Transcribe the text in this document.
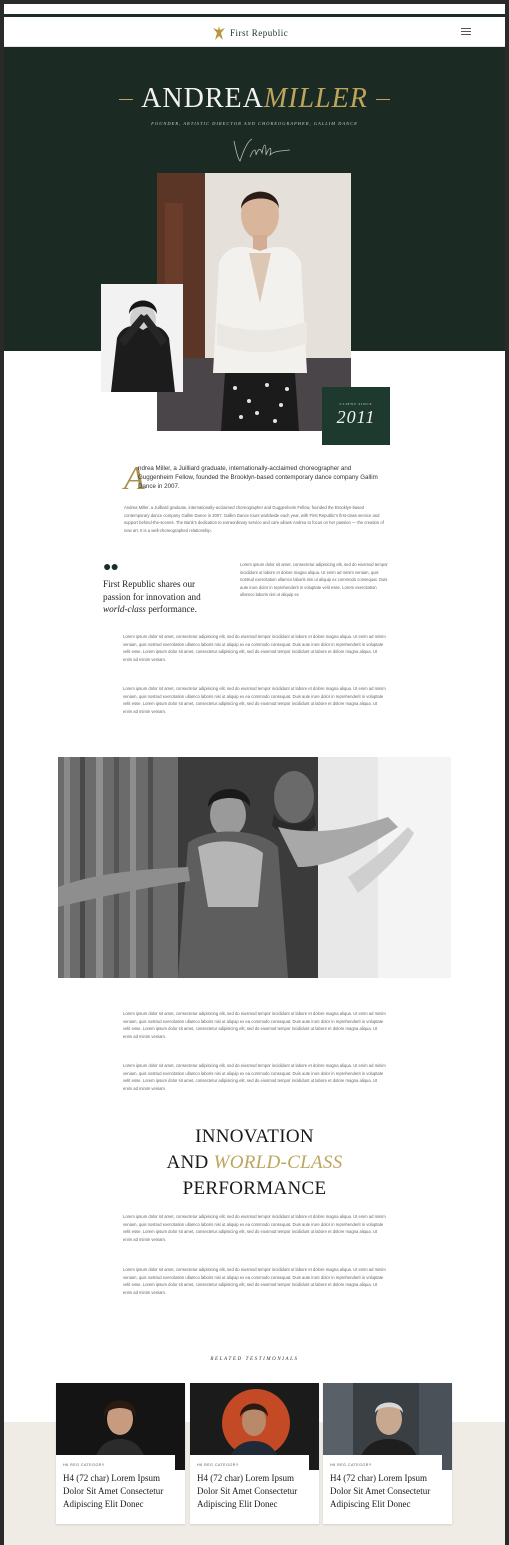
First Republic
ANDREA MILLER
FOUNDER, ARTISTIC DIRECTOR AND CHOREOGRAPHER, GALLIM DANCE
CLIENT SINCE
2011
A
ndrea Miller, a Juilliard graduate, internationally-acclaimed choreographer and Guggenheim Fellow, founded the Brooklyn-based contemporary dance company Gallim Dance in 2007.
Andrea Miller, a Juilliard graduate, internationally-acclaimed choreographer and Guggenheim Fellow, founded the Brooklyn-based contemporary dance company Gallim Dance in 2007. Gallim Dance tours worldwide each year, with First Republic’s first-class service and support behind-the-scenes. The Bank’s dedication to extraordinary service and care allows Andrea to focus on her passion — the creation of new art. It is a well-choreographed relationship.
●●
First Republic shares our passion for innovation and world-class performance.
Lorem ipsum dolor sit amet, consectetur adipisicing elit, sed do eiusmod tempor incididunt ut labore et dolore magna aliqua. Ut enim ad minim veniam, quis nostrud exercitation ullamco laboris nisi ut aliquip ex commodo consequat. Duis aute irure dolor in reprehenderit in voluptate velit esse. Lorem exercitation ullamco laboris nisi ut aliquip ex
Lorem ipsum dolor sit amet, consectetur adipisicing elit, sed do eiusmod tempor incididunt ut labore et dolore magna aliqua. Ut enim ad minim veniam, quis nostrud exercitation ullamco laboris nisi ut aliquip ex ea commodo consequat. Duis aute irure dolor in reprehenderit in voluptate velit esse. Lorem ipsum dolor sit amet, consectetur adipisicing elit, sed do eiusmod tempor incididunt ut labore et dolore magna aliqua. Ut enim ad minim veniam.
Lorem ipsum dolor sit amet, consectetur adipisicing elit, sed do eiusmod tempor incididunt ut labore et dolore magna aliqua. Ut enim ad minim veniam, quis nostrud exercitation ullamco laboris nisi ut aliquip ex ea commodo consequat. Duis aute irure dolor in reprehenderit in voluptate velit esse. Lorem ipsum dolor sit amet, consectetur adipisicing elit, sed do eiusmod tempor incididunt ut labore et dolore magna aliqua. Ut enim ad minim veniam.
Lorem ipsum dolor sit amet, consectetur adipisicing elit, sed do eiusmod tempor incididunt ut labore et dolore magna aliqua. Ut enim ad minim veniam, quis nostrud exercitation ullamco laboris nisi ut aliquip ex ea commodo consequat. Duis aute irure dolor in reprehenderit in voluptate velit esse. Lorem ipsum dolor sit amet, consectetur adipisicing elit, sed do eiusmod tempor incididunt ut labore et dolore magna aliqua. Ut enim ad minim veniam.
Lorem ipsum dolor sit amet, consectetur adipisicing elit, sed do eiusmod tempor incididunt ut labore et dolore magna aliqua. Ut enim ad minim veniam, quis nostrud exercitation ullamco laboris nisi ut aliquip ex ea commodo consequat. Duis aute irure dolor in reprehenderit in voluptate velit esse. Lorem ipsum dolor sit amet, consectetur adipisicing elit, sed do eiusmod tempor incididunt ut labore et dolore magna aliqua. Ut enim ad minim veniam.
INNOVATION
AND WORLD-CLASS
PERFORMANCE
Lorem ipsum dolor sit amet, consectetur adipisicing elit, sed do eiusmod tempor incididunt ut labore et dolore magna aliqua. Ut enim ad minim veniam, quis nostrud exercitation ullamco laboris nisi ut aliquip ex ea commodo consequat. Duis aute irure dolor in reprehenderit in voluptate velit esse. Lorem ipsum dolor sit amet, consectetur adipisicing elit, sed do eiusmod tempor incididunt ut labore et dolore magna aliqua. Ut enim ad minim veniam.
Lorem ipsum dolor sit amet, consectetur adipisicing elit, sed do eiusmod tempor incididunt ut labore et dolore magna aliqua. Ut enim ad minim veniam, quis nostrud exercitation ullamco laboris nisi ut aliquip ex ea commodo consequat. Duis aute irure dolor in reprehenderit in voluptate velit esse. Lorem ipsum dolor sit amet, consectetur adipisicing elit, sed do eiusmod tempor incididunt ut labore et dolore magna aliqua. Ut enim ad minim veniam.
RELATED TESTIMONIALS
H6 REG CATEGORY
H4 (72 char) Lorem Ipsum Dolor Sit Amet Consectetur Adipiscing Elit Donec
H6 REG CATEGORY
H4 (72 char) Lorem Ipsum Dolor Sit Amet Consectetur Adipiscing Elit Donec
H6 REG CATEGORY
H4 (72 char) Lorem Ipsum Dolor Sit Amet Consectetur Adipiscing Elit Donec
